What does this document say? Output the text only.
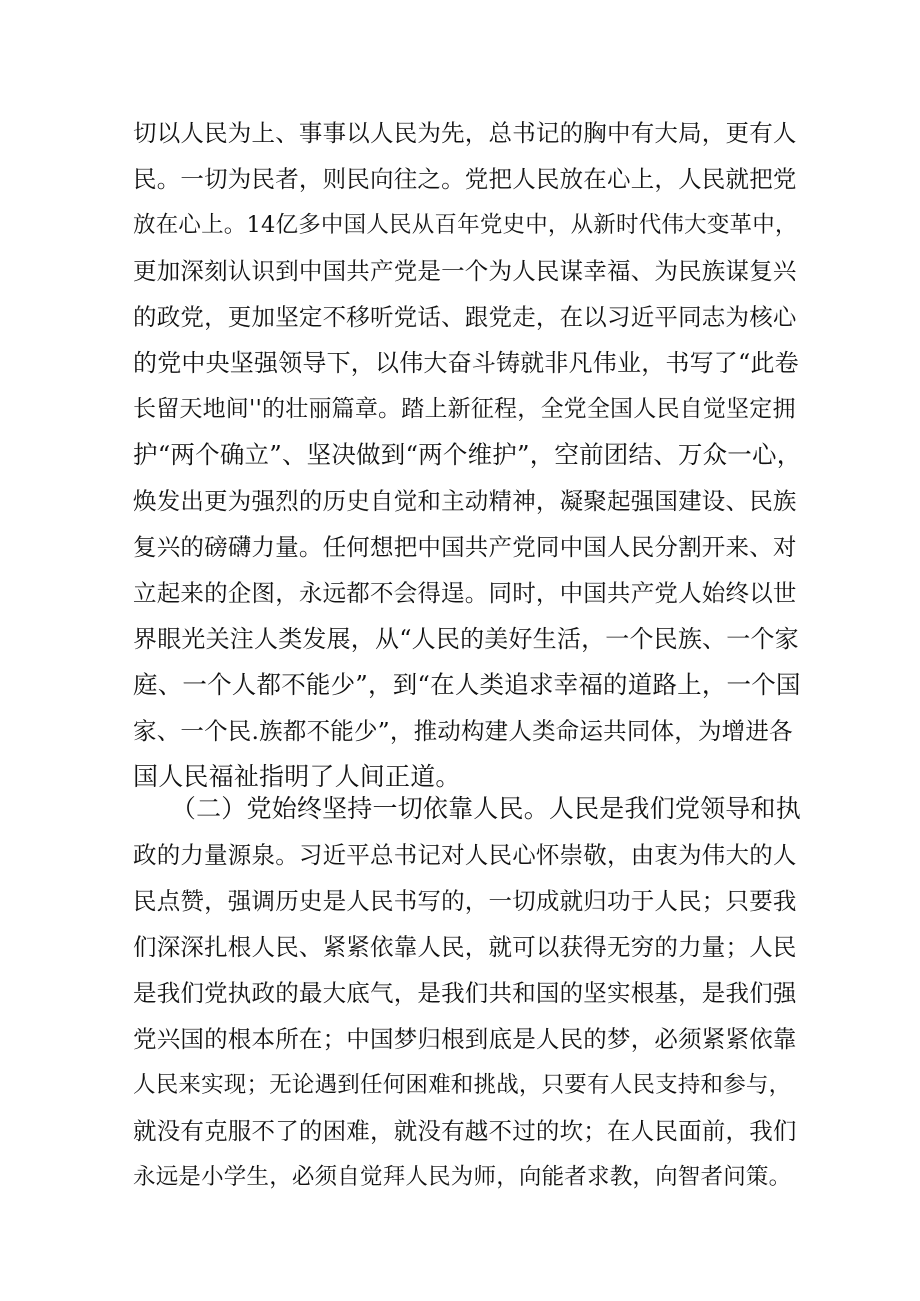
切以人民为上、事事以人民为先，总书记的胸中有大局，更有人
民。一切为民者，则民向往之。党把人民放在心上，人民就把党
放在心上。14亿多中国人民从百年党史中，从新时代伟大变革中，
更加深刻认识到中国共产党是一个为人民谋幸福、为民族谋复兴
的政党，更加坚定不移听党话、跟党走，在以习近平同志为核心
的党中央坚强领导下，以伟大奋斗铸就非凡伟业，书写了“此卷
长留天地间''的壮丽篇章。踏上新征程，全党全国人民自觉坚定拥
护“两个确立”、坚决做到“两个维护”，空前团结、万众一心，
焕发出更为强烈的历史自觉和主动精神，凝聚起强国建设、民族
复兴的磅礴力量。任何想把中国共产党同中国人民分割开来、对
立起来的企图，永远都不会得逞。同时，中国共产党人始终以世
界眼光关注人类发展，从“人民的美好生活，一个民族、一个家
庭、一个人都不能少”，到“在人类追求幸福的道路上，一个国
家、一个民.族都不能少”，推动构建人类命运共同体，为增进各
国人民福祉指明了人间正道。
　　（二）党始终坚持一切依靠人民。人民是我们党领导和执
政的力量源泉。习近平总书记对人民心怀崇敬，由衷为伟大的人
民点赞，强调历史是人民书写的，一切成就归功于人民；只要我
们深深扎根人民、紧紧依靠人民，就可以获得无穷的力量；人民
是我们党执政的最大底气，是我们共和国的坚实根基，是我们强
党兴国的根本所在；中国梦归根到底是人民的梦，必须紧紧依靠
人民来实现；无论遇到任何困难和挑战，只要有人民支持和参与，
就没有克服不了的困难，就没有越不过的坎；在人民面前，我们
永远是小学生，必须自觉拜人民为师，向能者求教，向智者问策。
